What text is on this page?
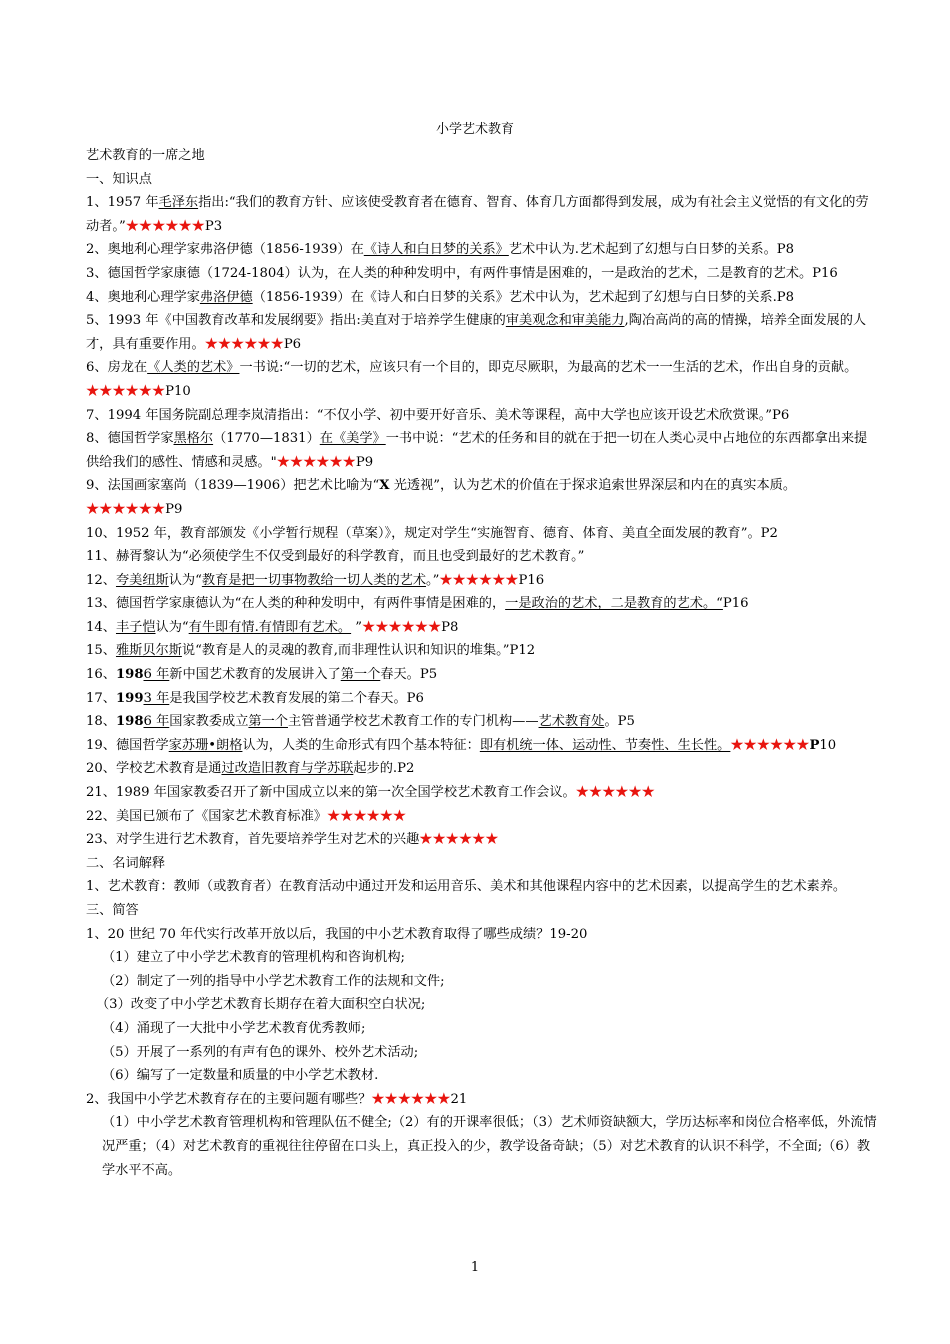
小学艺术教育

艺术教育的一席之地

一、知识点

1、1957 年毛泽东指出:“我们的教育方针、应该使受教育者在德育、智育、体育几方面都得到发展，成为有社会主义觉悟的有文化的劳动者。”★★★★★★P3

2、奥地利心理学家弗洛伊德（1856-1939）在《诗人和白日梦的关系》艺术中认为.艺术起到了幻想与白日梦的关系。P8

3、德国哲学家康德（1724-1804）认为，在人类的种种发明中，有两件事情是困难的，一是政治的艺术，二是教育的艺术。P16

4、奥地利心理学家弗洛伊德（1856-1939）在《诗人和白日梦的关系》艺术中认为，艺术起到了幻想与白日梦的关系.P8

5、1993 年《中国教育改革和发展纲要》指出:美直对于培养学生健康的审美观念和审美能力,陶冶高尚的高的情操，培养全面发展的人才，具有重要作用。★★★★★★P6

6、房龙在《人类的艺术》一书说:“一切的艺术，应该只有一个目的，即克尽厥职，为最高的艺术一一生活的艺术，作出自身的贡献。★★★★★★P10

7、1994 年国务院副总理李岚清指出：“不仅小学、初中要开好音乐、美术等课程，高中大学也应该开设艺术欣赏课。”P6

8、德国哲学家黑格尔（1770—1831）在《美学》一书中说：“艺术的任务和目的就在于把一切在人类心灵中占地位的东西都拿出来提供给我们的感性、情感和灵感。"★★★★★★P9

9、法国画家塞尚（1839—1906）把艺术比喻为“X 光透视”，认为艺术的价值在于探求追索世界深层和内在的真实本质。★★★★★★P9

10、1952 年，教育部颁发《小学暂行规程（草案）》，规定对学生“实施智育、德育、体育、美直全面发展的教育”。P2

11、赫胥黎认为“必须使学生不仅受到最好的科学教育，而且也受到最好的艺术教育。”

12、夸美纽斯认为“教育是把一切事物教给一切人类的艺术。”★★★★★★P16

13、德国哲学家康德认为“在人类的种种发明中，有两件事情是困难的，一是政治的艺术，二是教育的艺术。“P16

14、丰子恺认为“有牛即有情.有情即有艺术。 ”★★★★★★P8

15、雅斯贝尔斯说“教育是人的灵魂的教育,而非理性认识和知识的堆集。”P12

16、1986 年新中国艺术教育的发展讲入了第一个春天。P5

17、1993 年是我国学校艺术教育发展的第二个春天。P6

18、1986 年国家教委成立第一个主管普通学校艺术教育工作的专门机构——艺术教育处。P5

19、德国哲学家苏珊•朗格认为，人类的生命形式有四个基本特征：即有机统一体、运动性、节奏性、生长性。★★★★★★P10

20、学校艺术教育是通过改造旧教育与学苏联起步的.P2

21、1989 年国家教委召开了新中国成立以来的第一次全国学校艺术教育工作会议。★★★★★★

22、美国已颁布了《国家艺术教育标准》★★★★★★

23、对学生进行艺术教育，首先要培养学生对艺术的兴趣★★★★★★

二、名词解释

1、艺术教育：教师（或教育者）在教育活动中通过开发和运用音乐、美术和其他课程内容中的艺术因素，以提高学生的艺术素养。

三、简答

1、20 世纪 70 年代实行改革开放以后，我国的中小艺术教育取得了哪些成绩？19-20

（1）建立了中小学艺术教育的管理机构和咨询机构;

（2）制定了一列的指导中小学艺术教育工作的法规和文件;

（3）改变了中小学艺术教育长期存在着大面积空白状况;

（4）涌现了一大批中小学艺术教育优秀教师;

（5）开展了一系列的有声有色的课外、校外艺术活动;

（6）编写了一定数量和质量的中小学艺术教材.

2、我国中小学艺术教育存在的主要问题有哪些？★★★★★★21

（1）中小学艺术教育管理机构和管理队伍不健全;（2）有的开课率很低；（3）艺术师资缺额大，学历达标率和岗位合格率低，外流情况严重；（4）对艺术教育的重视往往停留在口头上，真正投入的少，教学设备奇缺；（5）对艺术教育的认识不科学，不全面;（6）教学水平不高。

1
